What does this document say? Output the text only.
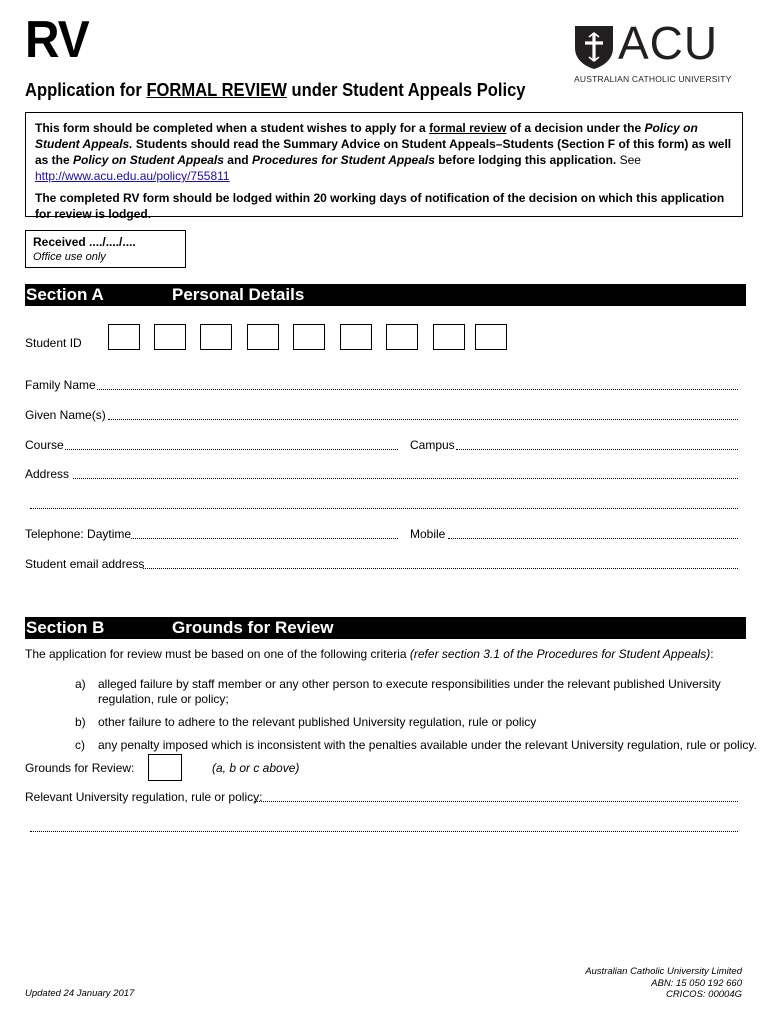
RV
Application for FORMAL REVIEW under Student Appeals Policy
ACU
AUSTRALIAN CATHOLIC UNIVERSITY

This form should be completed when a student wishes to apply for a formal review of a decision under the Policy on Student Appeals. Students should read the Summary Advice on Student Appeals–Students (Section F of this form) as well as the Policy on Student Appeals and Procedures for Student Appeals before lodging this application. See http://www.acu.edu.au/policy/755811

The completed RV form should be lodged within 20 working days of notification of the decision on which this application for review is lodged.

Received ..../..../....
Office use only
Section A	Personal Details
Student ID
Family Name
Given Name(s)
Course	Campus
Address
Telephone: Daytime	Mobile
Student email address
Section B	Grounds for Review
The application for review must be based on one of the following criteria (refer section 3.1 of the Procedures for Student Appeals):
a) alleged failure by staff member or any other person to execute responsibilities under the relevant published University regulation, rule or policy;
b) other failure to adhere to the relevant published University regulation, rule or policy
c) any penalty imposed which is inconsistent with the penalties available under the relevant University regulation, rule or policy.
Grounds for Review:	(a, b or c above)
Relevant University regulation, rule or policy:
Australian Catholic University Limited
ABN: 15 050 192 660
CRICOS: 00004G
Updated 24 January 2017
